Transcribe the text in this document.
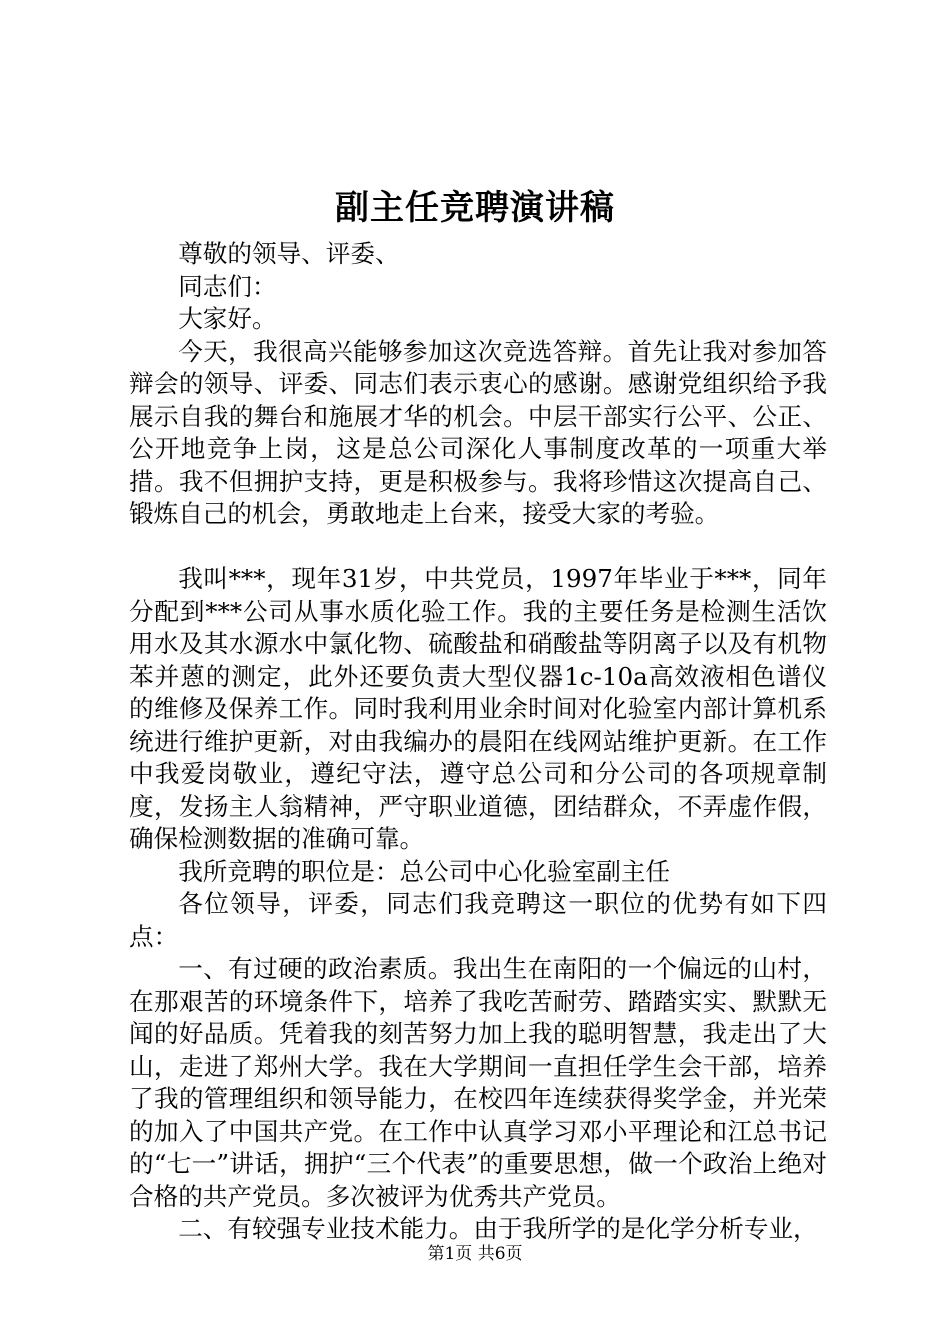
副主任竞聘演讲稿

尊敬的领导、评委、

同志们：

大家好。

今天，我很高兴能够参加这次竞选答辩。首先让我对参加答辩会的领导、评委、同志们表示衷心的感谢。感谢党组织给予我展示自我的舞台和施展才华的机会。中层干部实行公平、公正、公开地竞争上岗，这是总公司深化人事制度改革的一项重大举措。我不但拥护支持，更是积极参与。我将珍惜这次提高自己、锻炼自己的机会，勇敢地走上台来，接受大家的考验。

我叫***，现年31岁，中共党员，1997年毕业于***，同年分配到***公司从事水质化验工作。我的主要任务是检测生活饮用水及其水源水中氯化物、硫酸盐和硝酸盐等阴离子以及有机物苯并蒽的测定，此外还要负责大型仪器1c-10a高效液相色谱仪的维修及保养工作。同时我利用业余时间对化验室内部计算机系统进行维护更新，对由我编办的晨阳在线网站维护更新。在工作中我爱岗敬业，遵纪守法，遵守总公司和分公司的各项规章制度，发扬主人翁精神，严守职业道德，团结群众，不弄虚作假，确保检测数据的准确可靠。

我所竞聘的职位是：总公司中心化验室副主任

各位领导，评委，同志们我竞聘这一职位的优势有如下四点：

一、有过硬的政治素质。我出生在南阳的一个偏远的山村，在那艰苦的环境条件下，培养了我吃苦耐劳、踏踏实实、默默无闻的好品质。凭着我的刻苦努力加上我的聪明智慧，我走出了大山，走进了郑州大学。我在大学期间一直担任学生会干部，培养了我的管理组织和领导能力，在校四年连续获得奖学金，并光荣的加入了中国共产党。在工作中认真学习邓小平理论和江总书记的“七一”讲话，拥护“三个代表”的重要思想，做一个政治上绝对合格的共产党员。多次被评为优秀共产党员。

二、有较强专业技术能力。由于我所学的是化学分析专业，

第1页 共6页
